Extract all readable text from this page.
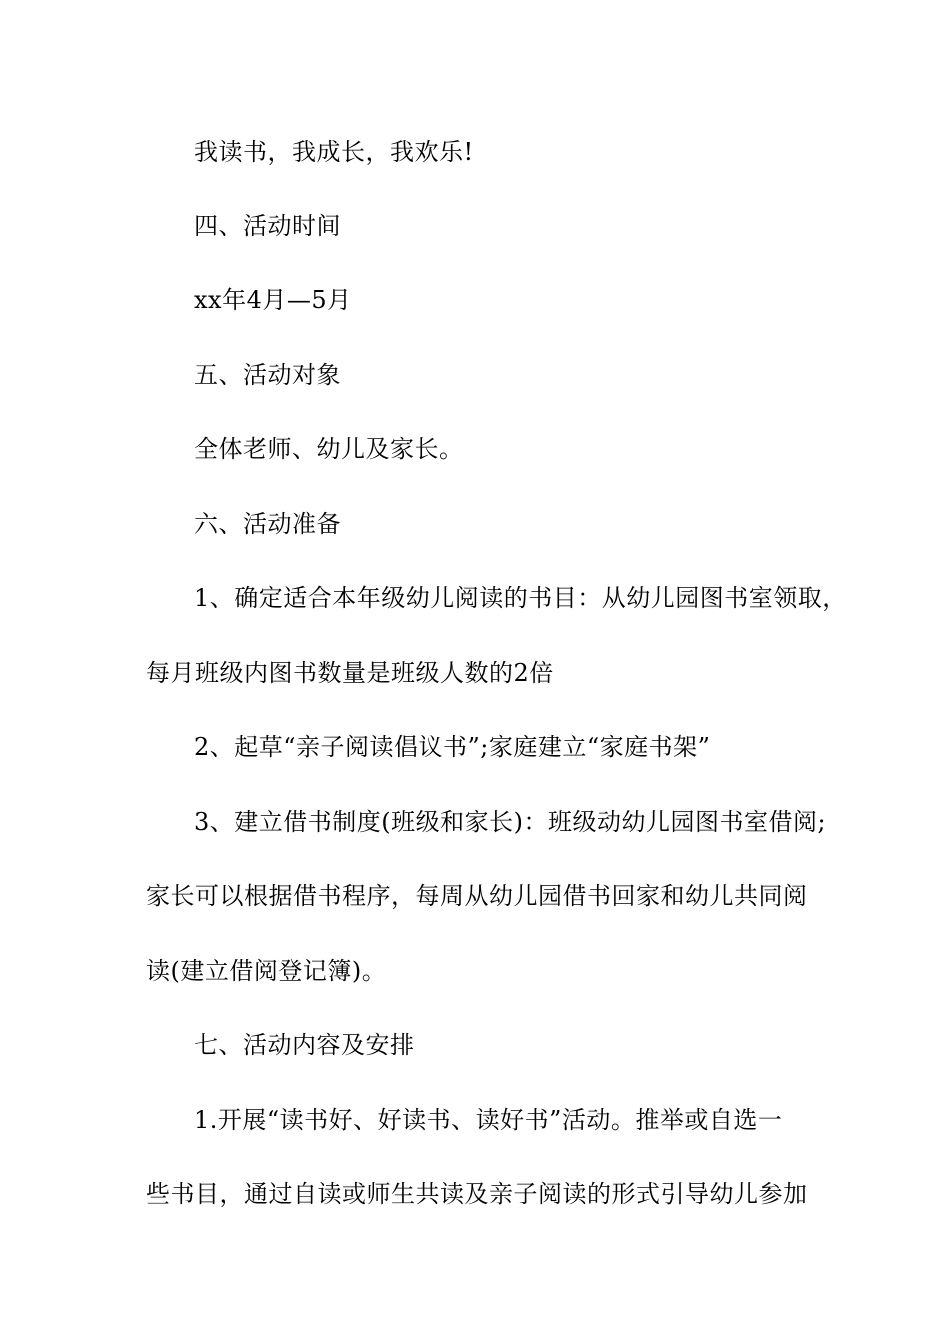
我读书，我成长，我欢乐!
四、活动时间
xx年4月—5月
五、活动对象
全体老师、幼儿及家长。
六、活动准备
1、确定适合本年级幼儿阅读的书目：从幼儿园图书室领取，
每月班级内图书数量是班级人数的2倍
2、起草“亲子阅读倡议书”;家庭建立“家庭书架”
3、建立借书制度(班级和家长)：班级动幼儿园图书室借阅;
家长可以根据借书程序，每周从幼儿园借书回家和幼儿共同阅
读(建立借阅登记簿)。
七、活动内容及安排
1.开展“读书好、好读书、读好书”活动。推举或自选一
些书目，通过自读或师生共读及亲子阅读的形式引导幼儿参加
